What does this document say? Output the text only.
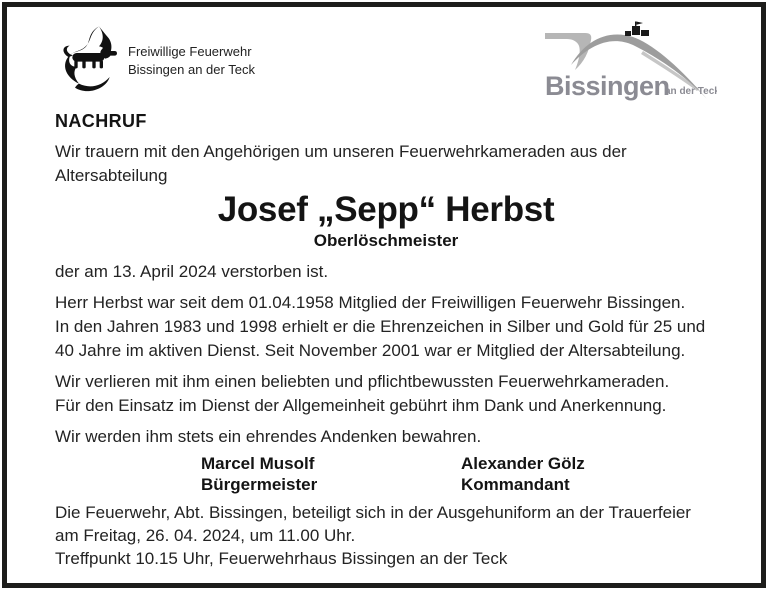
Freiwillige Feuerwehr
Bissingen an der Teck
Bissingen
an der Teck
NACHRUF
Wir trauern mit den Angehörigen um unseren Feuerwehrkameraden aus der
Altersabteilung
Josef „Sepp“ Herbst
Oberlöschmeister
der am 13. April 2024 verstorben ist.
Herr Herbst war seit dem 01.04.1958 Mitglied der Freiwilligen Feuerwehr Bissingen.
In den Jahren 1983 und 1998 erhielt er die Ehrenzeichen in Silber und Gold für 25 und
40 Jahre im aktiven Dienst. Seit November 2001 war er Mitglied der Altersabteilung.
Wir verlieren mit ihm einen beliebten und pflichtbewussten Feuerwehrkameraden.
Für den Einsatz im Dienst der Allgemeinheit gebührt ihm Dank und Anerkennung.
Wir werden ihm stets ein ehrendes Andenken bewahren.
Marcel Musolf
Bürgermeister
Alexander Gölz
Kommandant
Die Feuerwehr, Abt. Bissingen, beteiligt sich in der Ausgehuniform an der Trauerfeier
am Freitag, 26. 04. 2024, um 11.00 Uhr.
Treffpunkt 10.15 Uhr, Feuerwehrhaus Bissingen an der Teck
